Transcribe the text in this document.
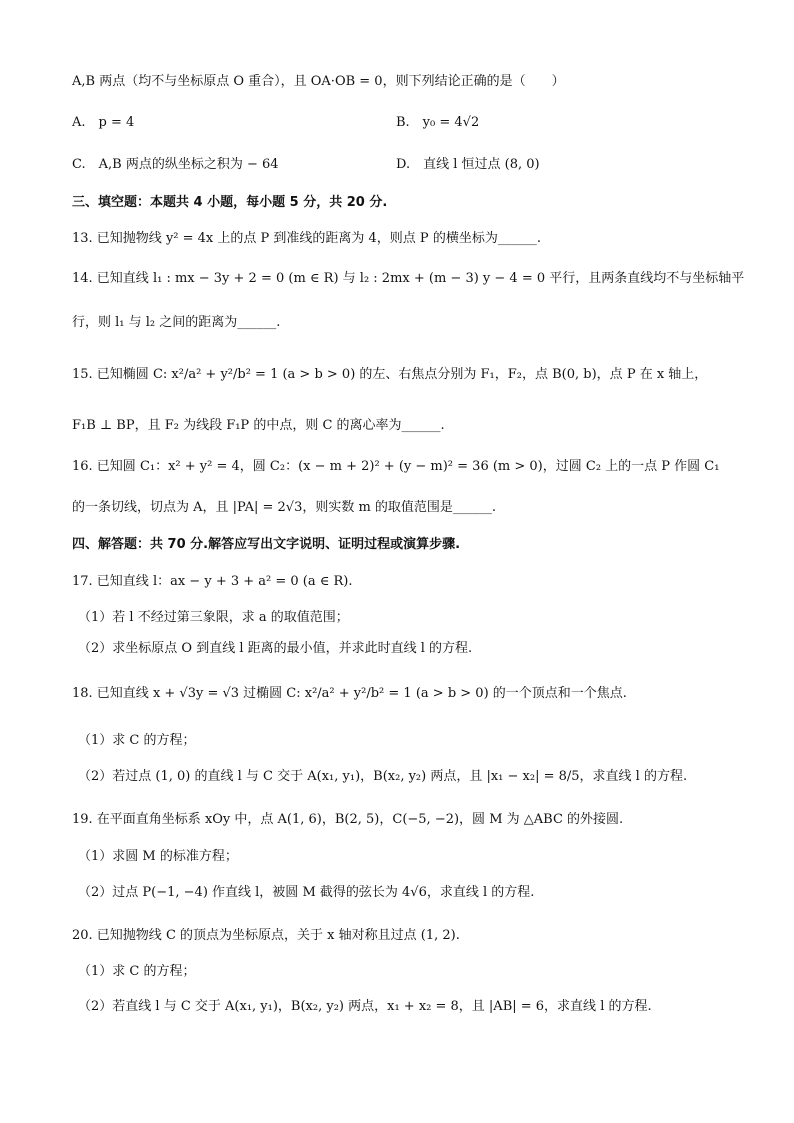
A,B 两点（均不与坐标原点 O 重合），且 OA·OB = 0，则下列结论正确的是（　　）
A.　p = 4	B.　y₀ = 4√2
C.　A,B 两点的纵坐标之积为 − 64	D.　直线 l 恒过点 (8, 0)
三、填空题：本题共 4 小题，每小题 5 分，共 20 分.
13. 已知抛物线 y² = 4x 上的点 P 到准线的距离为 4，则点 P 的横坐标为______.
14. 已知直线 l₁ : mx − 3y + 2 = 0 (m ∈ R) 与 l₂ : 2mx + (m − 3) y − 4 = 0 平行，且两条直线均不与坐标轴平
行，则 l₁ 与 l₂ 之间的距离为______.
15. 已知椭圆 C: x²/a² + y²/b² = 1 (a > b > 0) 的左、右焦点分别为 F₁，F₂，点 B(0, b)，点 P 在 x 轴上，
F₁B ⊥ BP，且 F₂ 为线段 F₁P 的中点，则 C 的离心率为______.
16. 已知圆 C₁：x² + y² = 4，圆 C₂：(x − m + 2)² + (y − m)² = 36 (m > 0)，过圆 C₂ 上的一点 P 作圆 C₁
的一条切线，切点为 A，且 |PA| = 2√3，则实数 m 的取值范围是______.
四、解答题：共 70 分.解答应写出文字说明、证明过程或演算步骤.
17. 已知直线 l：ax − y + 3 + a² = 0 (a ∈ R).
（1）若 l 不经过第三象限，求 a 的取值范围；
（2）求坐标原点 O 到直线 l 距离的最小值，并求此时直线 l 的方程.
18. 已知直线 x + √3y = √3 过椭圆 C: x²/a² + y²/b² = 1 (a > b > 0) 的一个顶点和一个焦点.
（1）求 C 的方程；
（2）若过点 (1, 0) 的直线 l 与 C 交于 A(x₁, y₁)，B(x₂, y₂) 两点，且 |x₁ − x₂| = 8/5，求直线 l 的方程.
19. 在平面直角坐标系 xOy 中，点 A(1, 6)，B(2, 5)，C(−5, −2)，圆 M 为 △ABC 的外接圆.
（1）求圆 M 的标准方程；
（2）过点 P(−1, −4) 作直线 l，被圆 M 截得的弦长为 4√6，求直线 l 的方程.
20. 已知抛物线 C 的顶点为坐标原点，关于 x 轴对称且过点 (1, 2).
（1）求 C 的方程；
（2）若直线 l 与 C 交于 A(x₁, y₁)，B(x₂, y₂) 两点，x₁ + x₂ = 8，且 |AB| = 6，求直线 l 的方程.
